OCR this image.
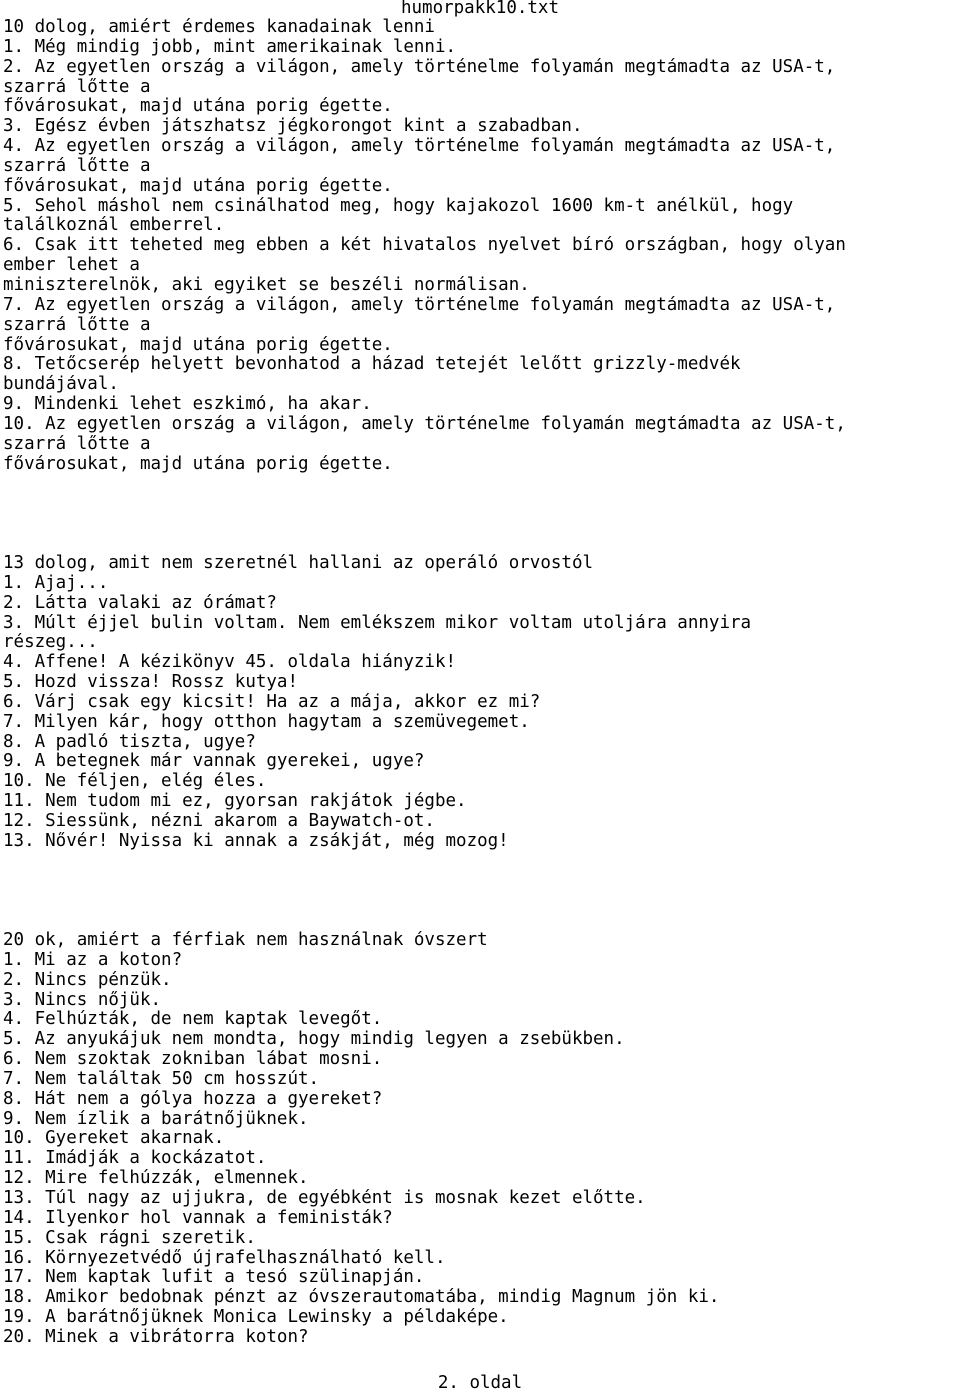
humorpakk10.txt
10 dolog, amiért érdemes kanadainak lenni
1. Még mindig jobb, mint amerikainak lenni.
2. Az egyetlen ország a világon, amely történelme folyamán megtámadta az USA-t,
szarrá lőtte a
fővárosukat, majd utána porig égette.
3. Egész évben játszhatsz jégkorongot kint a szabadban.
4. Az egyetlen ország a világon, amely történelme folyamán megtámadta az USA-t,
szarrá lőtte a
fővárosukat, majd utána porig égette.
5. Sehol máshol nem csinálhatod meg, hogy kajakozol 1600 km-t anélkül, hogy
találkoznál emberrel.
6. Csak itt teheted meg ebben a két hivatalos nyelvet bíró országban, hogy olyan
ember lehet a
miniszterelnök, aki egyiket se beszéli normálisan.
7. Az egyetlen ország a világon, amely történelme folyamán megtámadta az USA-t,
szarrá lőtte a
fővárosukat, majd utána porig égette.
8. Tetőcserép helyett bevonhatod a házad tetejét lelőtt grizzly-medvék
bundájával.
9. Mindenki lehet eszkimó, ha akar.
10. Az egyetlen ország a világon, amely történelme folyamán megtámadta az USA-t,
szarrá lőtte a
fővárosukat, majd utána porig égette.
13 dolog, amit nem szeretnél hallani az operáló orvostól
1. Ajaj...
2. Látta valaki az órámat?
3. Múlt éjjel bulin voltam. Nem emlékszem mikor voltam utoljára annyira
részeg...
4. Affene! A kézikönyv 45. oldala hiányzik!
5. Hozd vissza! Rossz kutya!
6. Várj csak egy kicsit! Ha az a mája, akkor ez mi?
7. Milyen kár, hogy otthon hagytam a szemüvegemet.
8. A padló tiszta, ugye?
9. A betegnek már vannak gyerekei, ugye?
10. Ne féljen, elég éles.
11. Nem tudom mi ez, gyorsan rakjátok jégbe.
12. Siessünk, nézni akarom a Baywatch-ot.
13. Nővér! Nyissa ki annak a zsákját, még mozog!
20 ok, amiért a férfiak nem használnak óvszert
1. Mi az a koton?
2. Nincs pénzük.
3. Nincs nőjük.
4. Felhúzták, de nem kaptak levegőt.
5. Az anyukájuk nem mondta, hogy mindig legyen a zsebükben.
6. Nem szoktak zokniban lábat mosni.
7. Nem találtak 50 cm hosszút.
8. Hát nem a gólya hozza a gyereket?
9. Nem ízlik a barátnőjüknek.
10. Gyereket akarnak.
11. Imádják a kockázatot.
12. Mire felhúzzák, elmennek.
13. Túl nagy az ujjukra, de egyébként is mosnak kezet előtte.
14. Ilyenkor hol vannak a feministák?
15. Csak rágni szeretik.
16. Környezetvédő újrafelhasználható kell.
17. Nem kaptak lufit a tesó szülinapján.
18. Amikor bedobnak pénzt az óvszerautomatába, mindig Magnum jön ki.
19. A barátnőjüknek Monica Lewinsky a példaképe.
20. Minek a vibrátorra koton?
2. oldal
